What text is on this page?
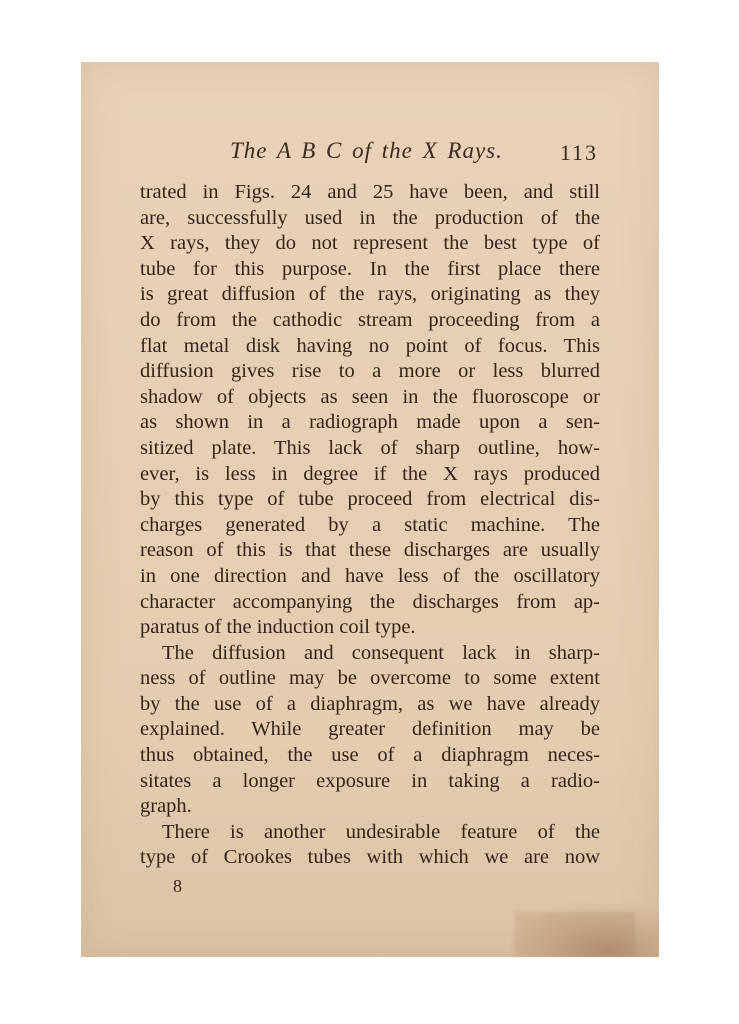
The A B C of the X Rays.	113
trated in Figs. 24 and 25 have been, and still
are, successfully used in the production of the
X rays, they do not represent the best type of
tube for this purpose. In the first place there
is great diffusion of the rays, originating as they
do from the cathodic stream proceeding from a
flat metal disk having no point of focus. This
diffusion gives rise to a more or less blurred
shadow of objects as seen in the fluoroscope or
as shown in a radiograph made upon a sen-
sitized plate. This lack of sharp outline, how-
ever, is less in degree if the X rays produced
by this type of tube proceed from electrical dis-
charges generated by a static machine. The
reason of this is that these discharges are usually
in one direction and have less of the oscillatory
character accompanying the discharges from ap-
paratus of the induction coil type.
The diffusion and consequent lack in sharp-
ness of outline may be overcome to some extent
by the use of a diaphragm, as we have already
explained. While greater definition may be
thus obtained, the use of a diaphragm neces-
sitates a longer exposure in taking a radio-
graph.
There is another undesirable feature of the
type of Crookes tubes with which we are now
8
